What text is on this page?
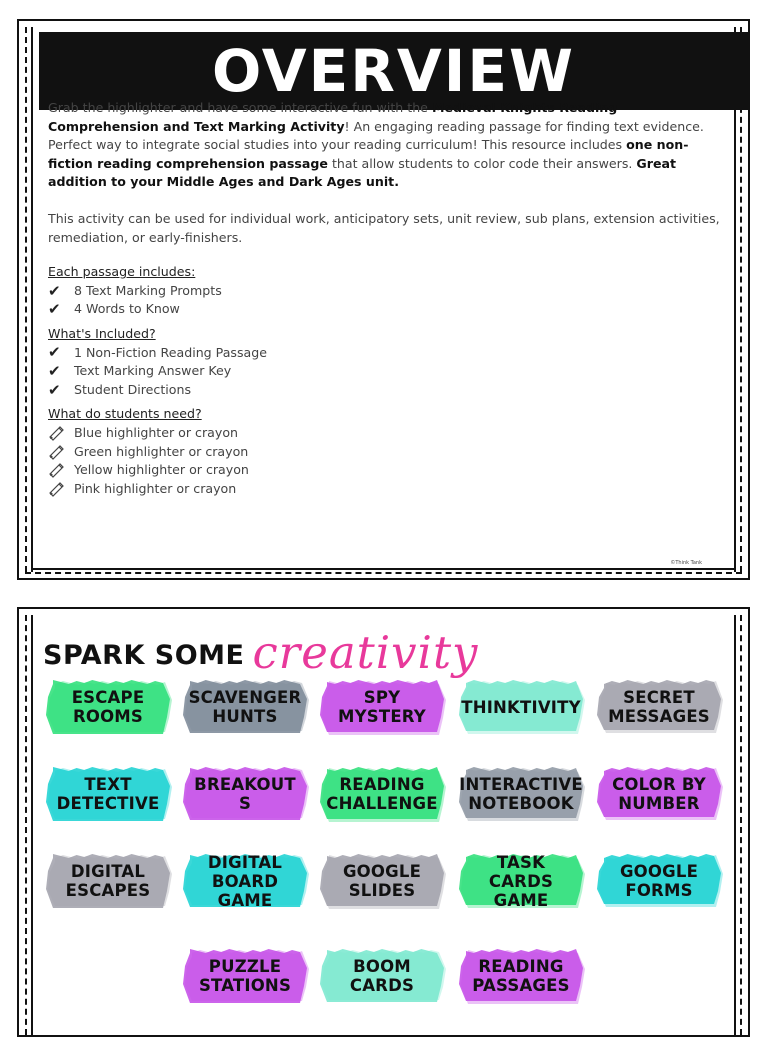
OVERVIEW

Grab the highlighter and have some interactive fun with the Medieval Knights Reading Comprehension and Text Marking Activity! An engaging reading passage for finding text evidence. Perfect way to integrate social studies into your reading curriculum! This resource includes one non-fiction reading comprehension passage that allow students to color code their answers. Great addition to your Middle Ages and Dark Ages unit.

This activity can be used for individual work, anticipatory sets, unit review, sub plans, extension activities, remediation, or early-finishers.

Each passage includes:
✔	8 Text Marking Prompts
✔	4 Words to Know
What's Included?
✔	1 Non-Fiction Reading Passage
✔	Text Marking Answer Key
✔	Student Directions
What do students need?
Blue highlighter or crayon
Green highlighter or crayon
Yellow highlighter or crayon
Pink highlighter or crayon
©Think Tank
SPARK SOME creativity
ESCAPE
ROOMS
SCAVENGER
HUNTS
SPY
MYSTERY THINKTIVITY	SECRET
MESSAGES
TEXT
DETECTIVE
BREAKOUT
S
READING
CHALLENGE
INTERACTIVE
NOTEBOOK
COLOR BY
NUMBER
DIGITAL
ESCAPES
DIGITAL
BOARD
GAME
GOOGLE
SLIDES
TASK
CARDS
GAME
GOOGLE
FORMS
PUZZLE
STATIONS
BOOM
CARDS
READING
PASSAGES
